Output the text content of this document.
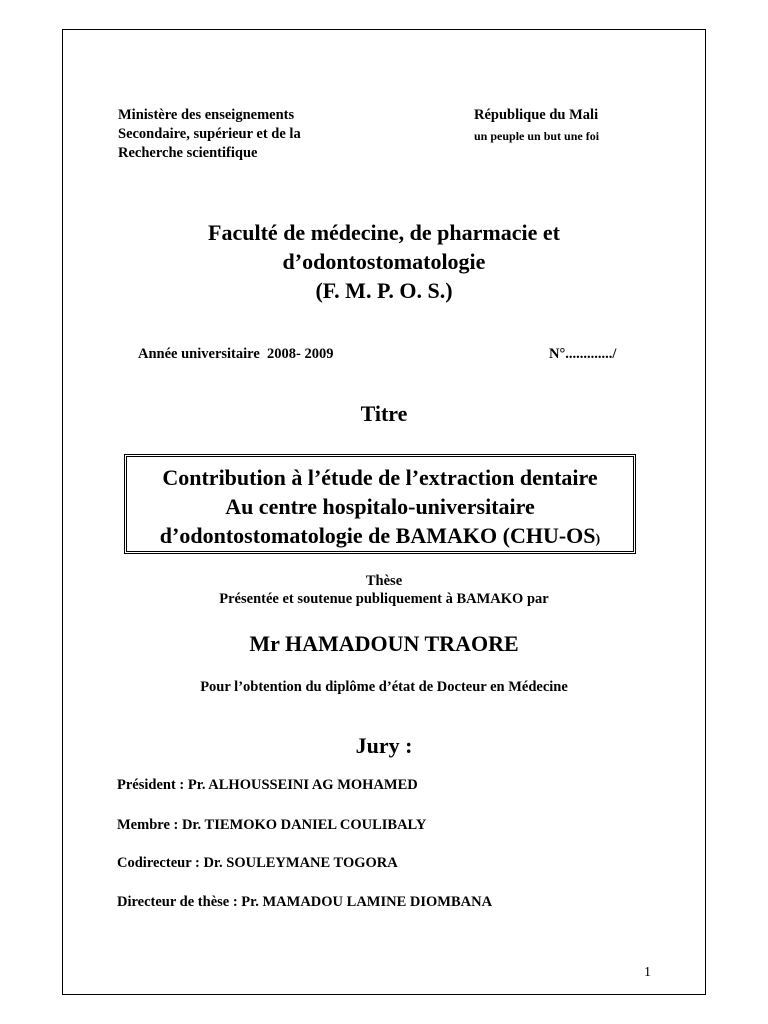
Ministère des enseignements
Secondaire, supérieur et de la
Recherche scientifique
République du Mali
un peuple un but une foi
Faculté de médecine, de pharmacie et
d’odontostomatologie
(F. M. P. O. S.)
Année universitaire  2008- 2009	N°............./
Titre
Contribution à l’étude de l’extraction dentaire
Au centre hospitalo-universitaire
d’odontostomatologie de BAMAKO (CHU-OS)
Thèse
Présentée et soutenue publiquement à BAMAKO par
Mr HAMADOUN TRAORE
Pour l’obtention du diplôme d’état de Docteur en Médecine
Jury :
Président : Pr. ALHOUSSEINI AG MOHAMED
Membre : Dr. TIEMOKO DANIEL COULIBALY
Codirecteur : Dr. SOULEYMANE TOGORA
Directeur de thèse : Pr. MAMADOU LAMINE DIOMBANA
1
